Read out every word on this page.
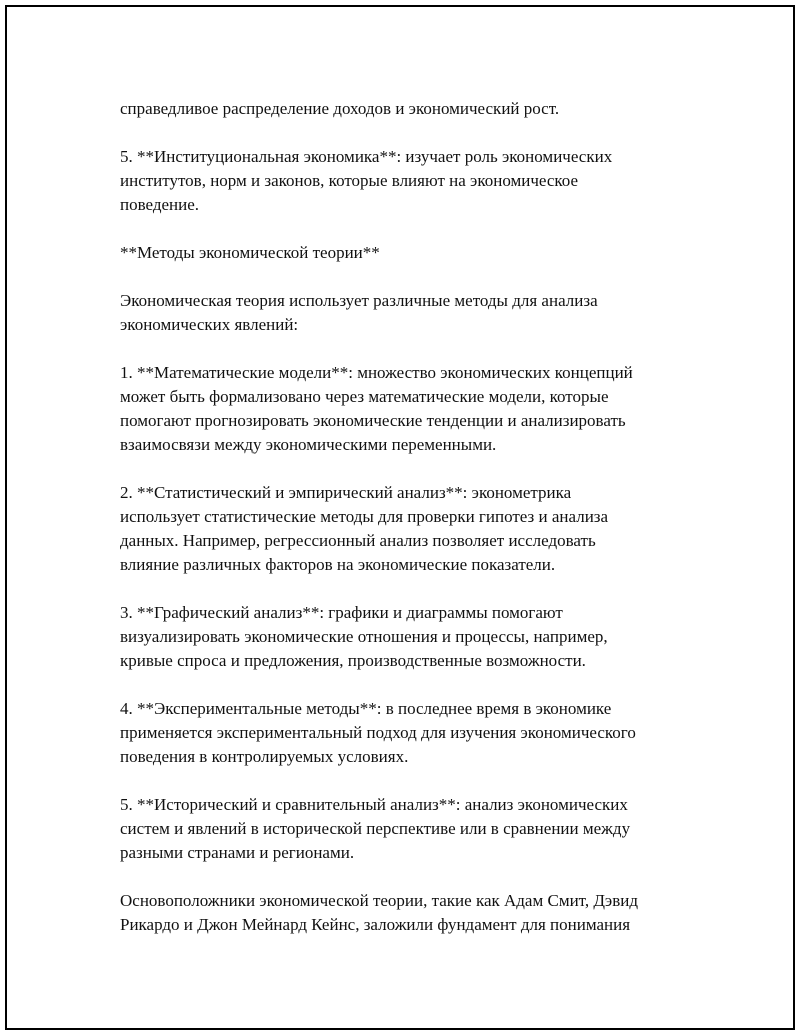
справедливое распределение доходов и экономический рост.

5. **Институциональная экономика**: изучает роль экономических
институтов, норм и законов, которые влияют на экономическое
поведение.

**Методы экономической теории**

Экономическая теория использует различные методы для анализа
экономических явлений:

1. **Математические модели**: множество экономических концепций
может быть формализовано через математические модели, которые
помогают прогнозировать экономические тенденции и анализировать
взаимосвязи между экономическими переменными.

2. **Статистический и эмпирический анализ**: эконометрика
использует статистические методы для проверки гипотез и анализа
данных. Например, регрессионный анализ позволяет исследовать
влияние различных факторов на экономические показатели.

3. **Графический анализ**: графики и диаграммы помогают
визуализировать экономические отношения и процессы, например,
кривые спроса и предложения, производственные возможности.

4. **Экспериментальные методы**: в последнее время в экономике
применяется экспериментальный подход для изучения экономического
поведения в контролируемых условиях.

5. **Исторический и сравнительный анализ**: анализ экономических
систем и явлений в исторической перспективе или в сравнении между
разными странами и регионами.

Основоположники экономической теории, такие как Адам Смит, Дэвид
Рикардо и Джон Мейнард Кейнс, заложили фундамент для понимания
